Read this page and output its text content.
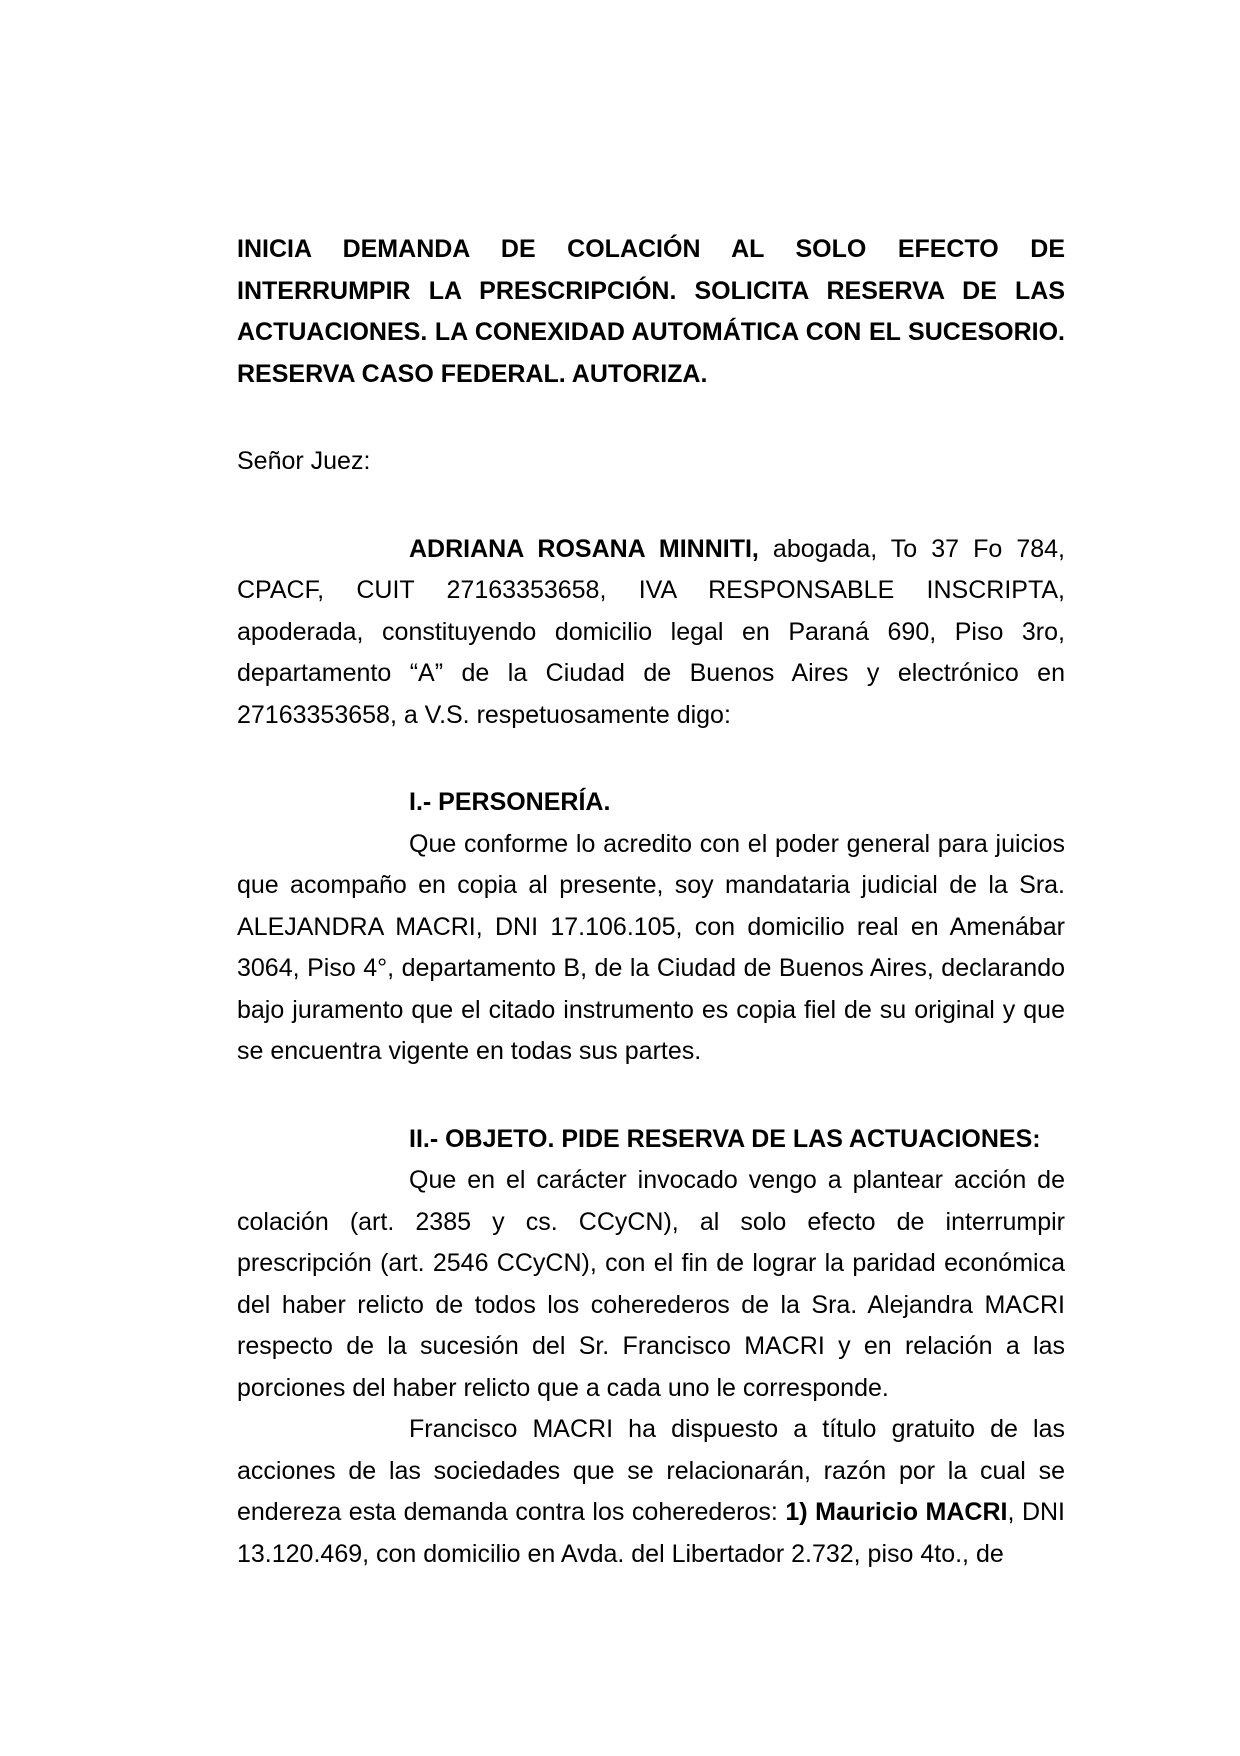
INICIA DEMANDA DE COLACIÓN AL SOLO EFECTO DE INTERRUMPIR LA PRESCRIPCIÓN. SOLICITA RESERVA DE LAS ACTUACIONES. LA CONEXIDAD AUTOMÁTICA CON EL SUCESORIO. RESERVA CASO FEDERAL. AUTORIZA.

Señor Juez:

ADRIANA ROSANA MINNITI, abogada, To 37 Fo 784, CPACF, CUIT 27163353658, IVA RESPONSABLE INSCRIPTA, apoderada, constituyendo domicilio legal en Paraná 690, Piso 3ro, departamento “A” de la Ciudad de Buenos Aires y electrónico en 27163353658, a V.S. respetuosamente digo:

I.- PERSONERÍA.

Que conforme lo acredito con el poder general para juicios que acompaño en copia al presente, soy mandataria judicial de la Sra. ALEJANDRA MACRI, DNI 17.106.105, con domicilio real en Amenábar 3064, Piso 4°, departamento B, de la Ciudad de Buenos Aires, declarando bajo juramento que el citado instrumento es copia fiel de su original y que se encuentra vigente en todas sus partes.

II.- OBJETO. PIDE RESERVA DE LAS ACTUACIONES:

Que en el carácter invocado vengo a plantear acción de colación (art. 2385 y cs. CCyCN), al solo efecto de interrumpir prescripción (art. 2546 CCyCN), con el fin de lograr la paridad económica del haber relicto de todos los coherederos de la Sra. Alejandra MACRI respecto de la sucesión del Sr. Francisco MACRI y en relación a las porciones del haber relicto que a cada uno le corresponde.

Francisco MACRI ha dispuesto a título gratuito de las acciones de las sociedades que se relacionarán, razón por la cual se endereza esta demanda contra los coherederos: 1) Mauricio MACRI, DNI 13.120.469, con domicilio en Avda. del Libertador 2.732, piso 4to., de
